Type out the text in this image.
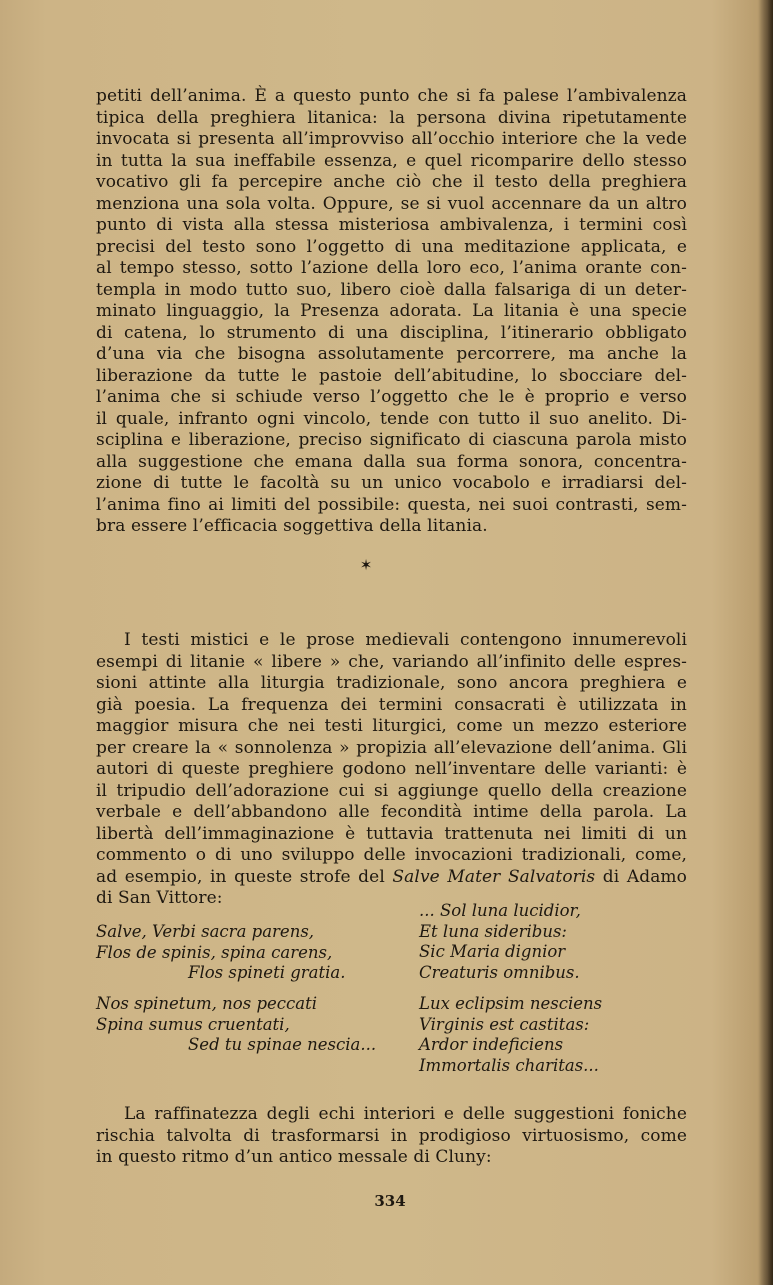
petiti dell’anima. È a questo punto che si fa palese l’ambivalenza
tipica della preghiera litanica: la persona divina ripetutamente
invocata si presenta all’improvviso all’occhio interiore che la vede
in tutta la sua ineffabile essenza, e quel ricomparire dello stesso
vocativo gli fa percepire anche ciò che il testo della preghiera
menziona una sola volta. Oppure, se si vuol accennare da un altro
punto di vista alla stessa misteriosa ambivalenza, i termini così
precisi del testo sono l’oggetto di una meditazione applicata, e
al tempo stesso, sotto l’azione della loro eco, l’anima orante con-
templa in modo tutto suo, libero cioè dalla falsariga di un deter-
minato linguaggio, la Presenza adorata. La litania è una specie
di catena, lo strumento di una disciplina, l’itinerario obbligato
d’una via che bisogna assolutamente percorrere, ma anche la
liberazione da tutte le pastoie dell’abitudine, lo sbocciare del-
l’anima che si schiude verso l’oggetto che le è proprio e verso
il quale, infranto ogni vincolo, tende con tutto il suo anelito. Di-
sciplina e liberazione, preciso significato di ciascuna parola misto
alla suggestione che emana dalla sua forma sonora, concentra-
zione di tutte le facoltà su un unico vocabolo e irradiarsi del-
l’anima fino ai limiti del possibile: questa, nei suoi contrasti, sem-
bra essere l’efficacia soggettiva della litania.
✶
I testi mistici e le prose medievali contengono innumerevoli
esempi di litanie « libere » che, variando all’infinito delle espres-
sioni attinte alla liturgia tradizionale, sono ancora preghiera e
già poesia. La frequenza dei termini consacrati è utilizzata in
maggior misura che nei testi liturgici, come un mezzo esteriore
per creare la « sonnolenza » propizia all’elevazione dell’anima. Gli
autori di queste preghiere godono nell’inventare delle varianti: è
il tripudio dell’adorazione cui si aggiunge quello della creazione
verbale e dell’abbandono alle fecondità intime della parola. La
libertà dell’immaginazione è tuttavia trattenuta nei limiti di un
commento o di uno sviluppo delle invocazioni tradizionali, come,
ad esempio, in queste strofe del Salve Mater Salvatoris di Adamo
di San Vittore:
... Sol luna lucidior,
Et luna sideribus:
Sic Maria dignior
Creaturis omnibus.
Salve, Verbi sacra parens,
Flos de spinis, spina carens,
Flos spineti gratia.
Nos spinetum, nos peccati
Spina sumus cruentati,
Sed tu spinae nescia...
Lux eclipsim nesciens
Virginis est castitas:
Ardor indeficiens
Immortalis charitas...
La raffinatezza degli echi interiori e delle suggestioni foniche
rischia talvolta di trasformarsi in prodigioso virtuosismo, come
in questo ritmo d’un antico messale di Cluny:
334
